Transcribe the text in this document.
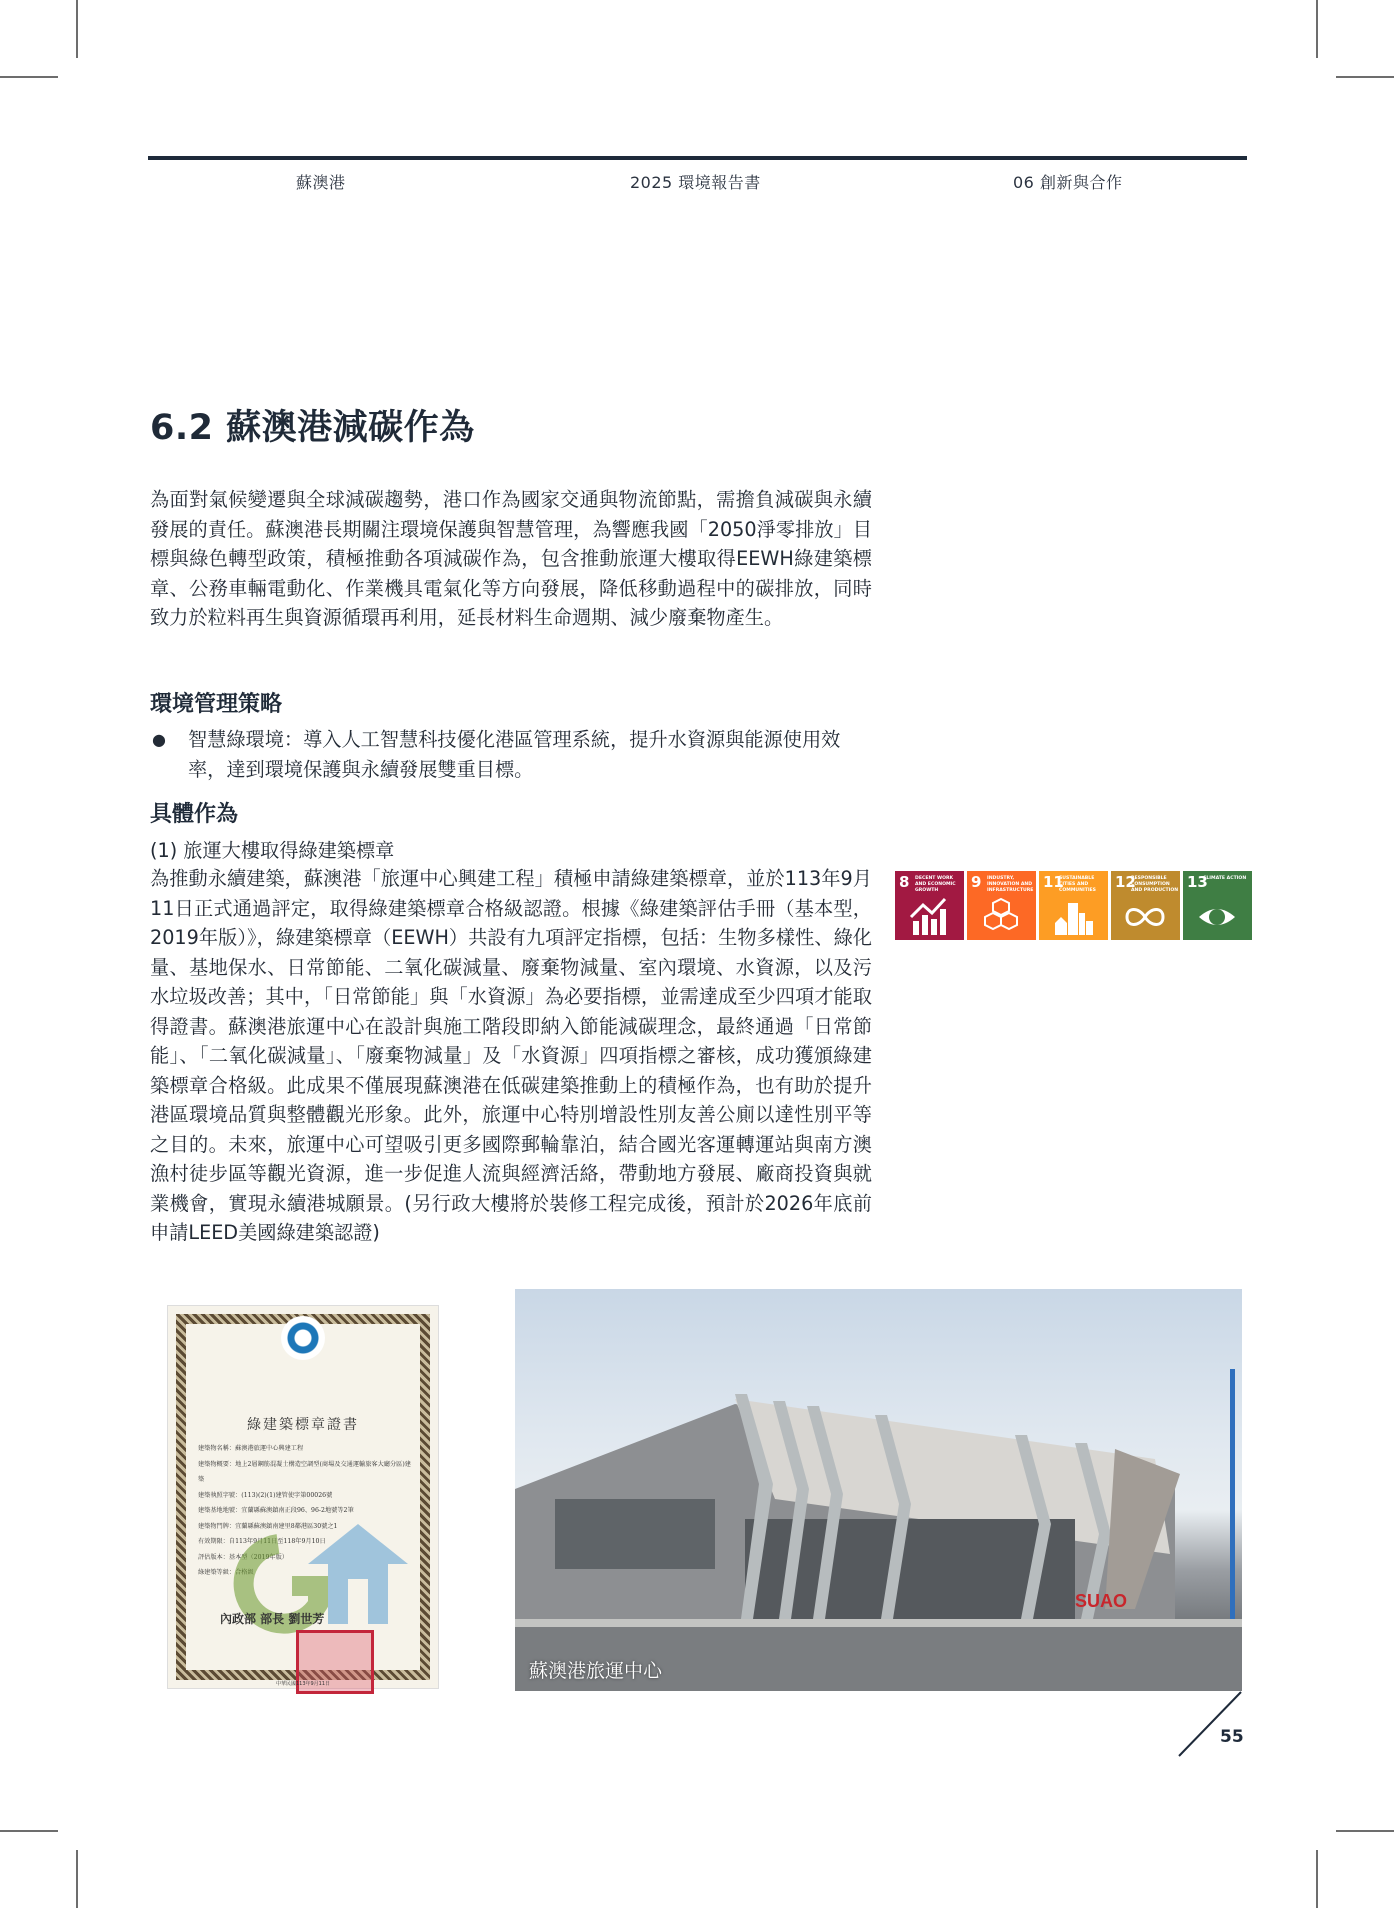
蘇澳港	2025 環境報告書	06 創新與合作
6.2 蘇澳港減碳作為

為面對氣候變遷與全球減碳趨勢，港口作為國家交通與物流節點，需擔負減碳與永續發展的責任。蘇澳港長期關注環境保護與智慧管理，為響應我國「2050淨零排放」目標與綠色轉型政策，積極推動各項減碳作為，包含推動旅運大樓取得EEWH綠建築標章、公務車輛電動化、作業機具電氣化等方向發展，降低移動過程中的碳排放，同時致力於粒料再生與資源循環再利用，延長材料生命週期、減少廢棄物產生。

環境管理策略
● 智慧綠環境：導入人工智慧科技優化港區管理系統，提升水資源與能源使用效率，達到環境保護與永續發展雙重目標。
具體作為
(1) 旅運大樓取得綠建築標章

為推動永續建築，蘇澳港「旅運中心興建工程」積極申請綠建築標章，並於113年9月11日正式通過評定，取得綠建築標章合格級認證。根據《綠建築評估手冊（基本型，2019年版）》，綠建築標章（EEWH）共設有九項評定指標，包括：生物多樣性、綠化量、基地保水、日常節能、二氧化碳減量、廢棄物減量、室內環境、水資源，以及污水垃圾改善；其中，「日常節能」與「水資源」為必要指標，並需達成至少四項才能取得證書。蘇澳港旅運中心在設計與施工階段即納入節能減碳理念，最終通過「日常節能」、「二氧化碳減量」、「廢棄物減量」及「水資源」四項指標之審核，成功獲頒綠建築標章合格級。此成果不僅展現蘇澳港在低碳建築推動上的積極作為，也有助於提升港區環境品質與整體觀光形象。此外，旅運中心特別增設性別友善公廁以達性別平等之目的。未來，旅運中心可望吸引更多國際郵輪靠泊，結合國光客運轉運站與南方澳漁村徒步區等觀光資源，進一步促進人流與經濟活絡，帶動地方發展、廠商投資與就業機會，實現永續港城願景。(另行政大樓將於裝修工程完成後，預計於2026年底前申請LEED美國綠建築認證)

8 DECENT WORK AND ECONOMIC GROWTH	9 INDUSTRY, INNOVATION AND INFRASTRUCTURE 11
SUSTAINABLE CITIES AND COMMUNITIES	12
RESPONSIBLE CONSUMPTION AND PRODUCTION 13
CLIMATE ACTION
綠建築標章證書
建築物名稱：蘇澳港旅運中心興建工程
建築物概要：地上2層鋼筋混凝土構造空調型(商場及交通運輸旅客大廳分區)建築
建築執照字號：(113)(2)(1)建管使字第00026號
建築基地地號：宜蘭縣蘇澳鎮南正段96、96-2地號等2筆
建築物門牌：宜蘭縣蘇澳鎮南建里8鄰港區30號之1
有效期限：自113年9月11日至118年9月10日
評估版本：基本型（2019年版）
綠建築等級：合格級
內政部 部長 劉世芳
中華民國113年9月11日
SUAO
蘇澳港旅運中心
55
